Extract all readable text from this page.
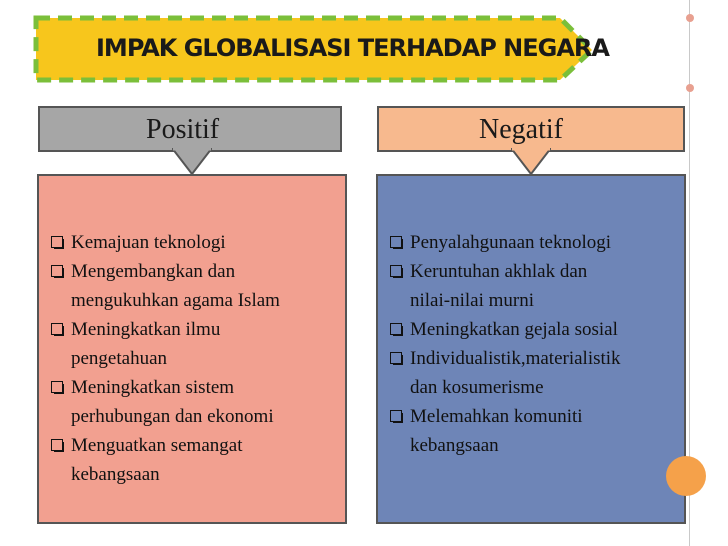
IMPAK GLOBALISASI TERHADAP NEGARA
Positif	Negatif
Kemajuan teknologi
Mengembangkan dan
mengukuhkan agama Islam
Meningkatkan ilmu
pengetahuan
Meningkatkan sistem
perhubungan dan ekonomi
Menguatkan semangat
kebangsaan
Penyalahgunaan teknologi
Keruntuhan akhlak dan
nilai-nilai murni
Meningkatkan gejala sosial
Individualistik,materialistik
dan kosumerisme
Melemahkan komuniti
kebangsaan
